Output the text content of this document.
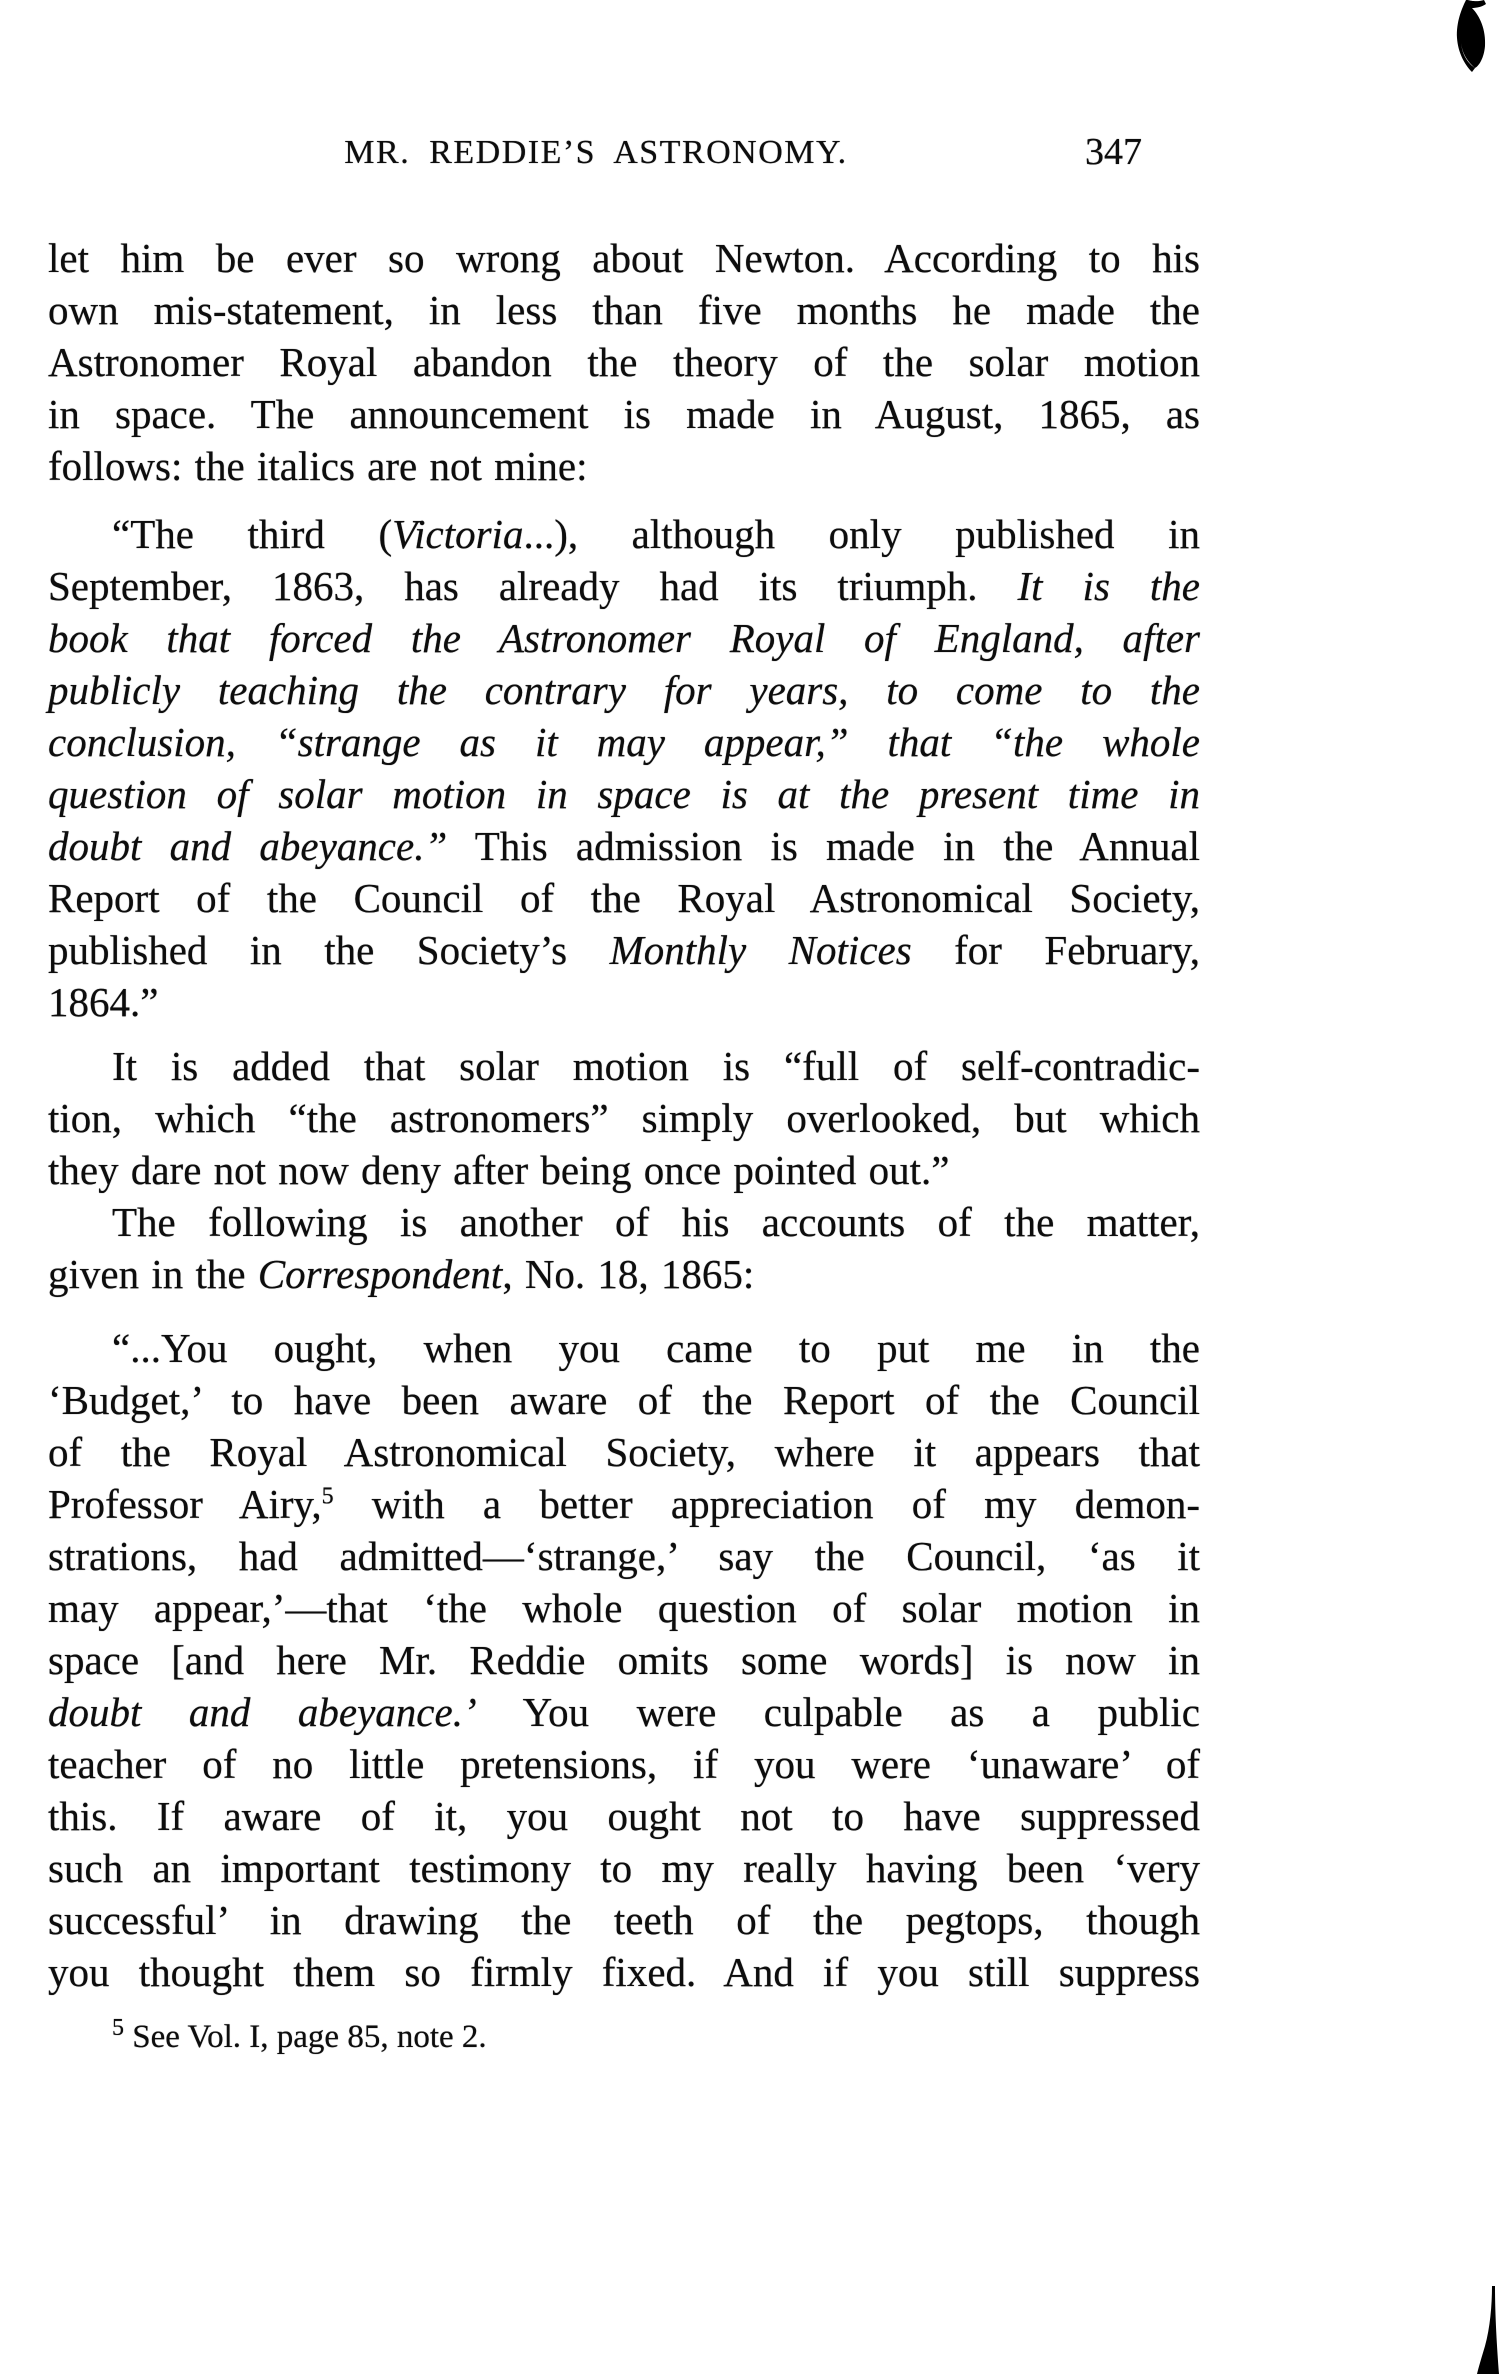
MR. REDDIE’S ASTRONOMY.	347
let him be ever so wrong about Newton. According to his
own mis-statement, in less than five months he made the
Astronomer Royal abandon the theory of the solar motion
in space. The announcement is made in August, 1865, as
follows: the italics are not mine:
“The third (Victoria...), although only published in
September, 1863, has already had its triumph. It is the
book that forced the Astronomer Royal of England, after
publicly teaching the contrary for years, to come to the
conclusion, “strange as it may appear,” that “the whole
question of solar motion in space is at the present time in
doubt and abeyance.” This admission is made in the Annual
Report of the Council of the Royal Astronomical Society,
published in the Society’s Monthly Notices for February,
1864.”
It is added that solar motion is “full of self-contradic-
tion, which “the astronomers” simply overlooked, but which
they dare not now deny after being once pointed out.”
The following is another of his accounts of the matter,
given in the Correspondent, No. 18, 1865:
“...You ought, when you came to put me in the
‘Budget,’ to have been aware of the Report of the Council
of the Royal Astronomical Society, where it appears that
Professor Airy,$^5$ with a better appreciation of my demon-
strations, had admitted—‘strange,’ say the Council, ‘as it
may appear,’—that ‘the whole question of solar motion in
space [and here Mr. Reddie omits some words] is now in
doubt and abeyance.’ You were culpable as a public
teacher of no little pretensions, if you were ‘unaware’ of
this. If aware of it, you ought not to have suppressed
such an important testimony to my really having been ‘very
successful’ in drawing the teeth of the pegtops, though
you thought them so firmly fixed. And if you still suppress
$^5$ See Vol. I, page 85, note 2.
